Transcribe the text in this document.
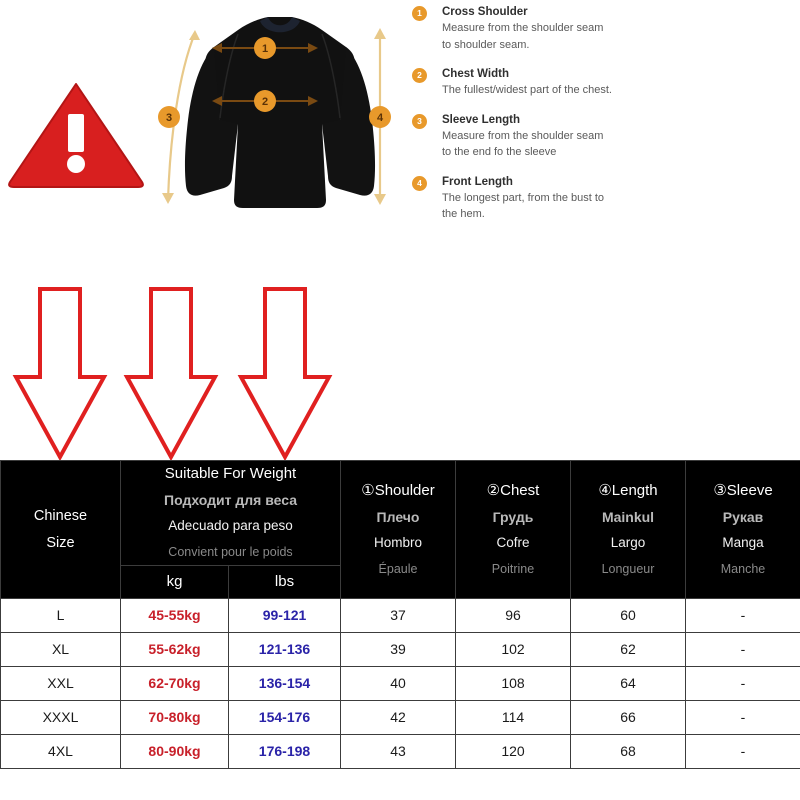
1
2
3	4
1	Cross Shoulder
Measure from the shoulder seam
to shoulder seam.
2	Chest Width
The fullest/widest part of the chest.
3	Sleeve Length
Measure from the shoulder seam
to the end fo the sleeve
4	Front Length
The longest part, from the bust to
the hem.
Chinese
Size

Suitable For Weight
Подходит для веса
Adecuado para peso
Convient pour le poids

①Shoulder
Плечо
Hombro
Épaule

②Chest
Грудь
Cofre
Poitrine

④Length
Mainkul
Largo
Longueur

③Sleeve
Рукав
Manga
Manche

	kg	lbs				

L	45-55kg	99-121	37	96	60	-
XL	55-62kg	121-136	39	102	62	-
XXL	62-70kg	136-154	40	108	64	-
XXXL	70-80kg	154-176	42	114	66	-
4XL	80-90kg	176-198	43	120	68	-
